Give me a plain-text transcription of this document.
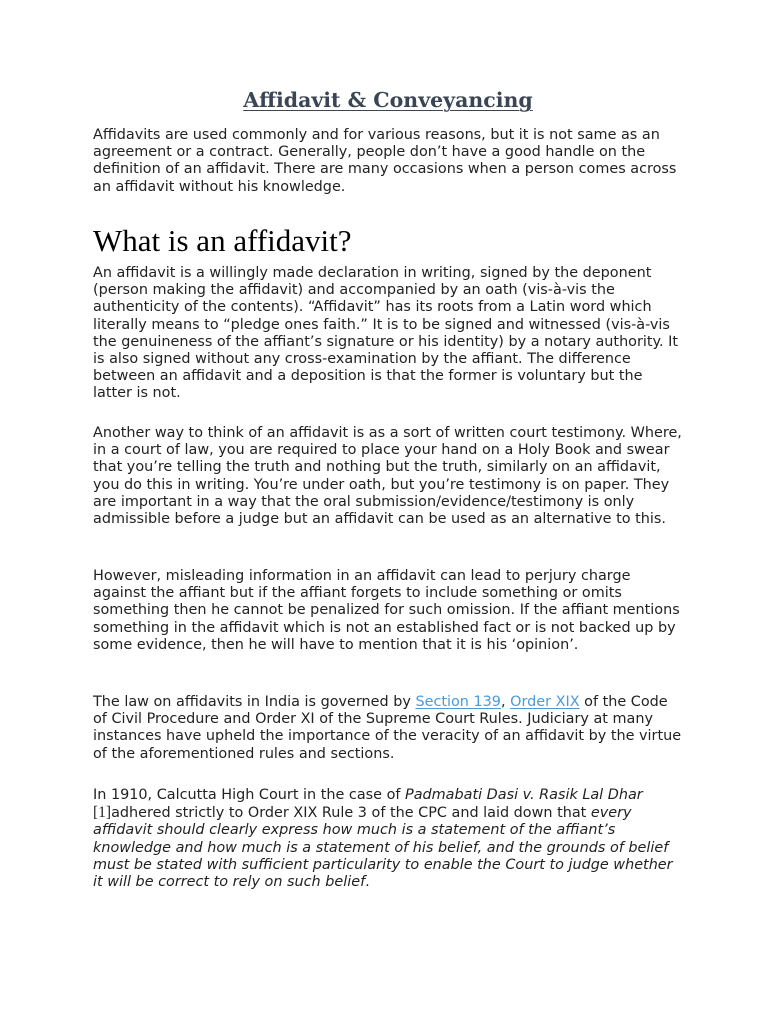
Affidavit & Conveyancing

Affidavits are used commonly and for various reasons, but it is not same as an agreement or a contract. Generally, people don’t have a good handle on the definition of an affidavit. There are many occasions when a person comes across an affidavit without his knowledge.

What is an affidavit?

An affidavit is a willingly made declaration in writing, signed by the deponent (person making the affidavit) and accompanied by an oath (vis-à-vis the authenticity of the contents). “Affidavit” has its roots from a Latin word which literally means to “pledge ones faith.” It is to be signed and witnessed (vis-à-vis the genuineness of the affiant’s signature or his identity) by a notary authority. It is also signed without any cross-examination by the affiant. The difference between an affidavit and a deposition is that the former is voluntary but the latter is not.

Another way to think of an affidavit is as a sort of written court testimony. Where, in a court of law, you are required to place your hand on a Holy Book and swear that you’re telling the truth and nothing but the truth, similarly on an affidavit, you do this in writing. You’re under oath, but you’re testimony is on paper. They are important in a way that the oral submission/evidence/testimony is only admissible before a judge but an affidavit can be used as an alternative to this.

However, misleading information in an affidavit can lead to perjury charge against the affiant but if the affiant forgets to include something or omits something then he cannot be penalized for such omission. If the affiant mentions something in the affidavit which is not an established fact or is not backed up by some evidence, then he will have to mention that it is his ‘opinion’.

The law on affidavits in India is governed by Section 139, Order XIX of the Code of Civil Procedure and Order XI of the Supreme Court Rules. Judiciary at many instances have upheld the importance of the veracity of an affidavit by the virtue of the aforementioned rules and sections.

In 1910, Calcutta High Court in the case of Padmabati Dasi v. Rasik Lal Dhar [1]adhered strictly to Order XIX Rule 3 of the CPC and laid down that every affidavit should clearly express how much is a statement of the affiant’s knowledge and how much is a statement of his belief, and the grounds of belief must be stated with sufficient particularity to enable the Court to judge whether it will be correct to rely on such belief.
